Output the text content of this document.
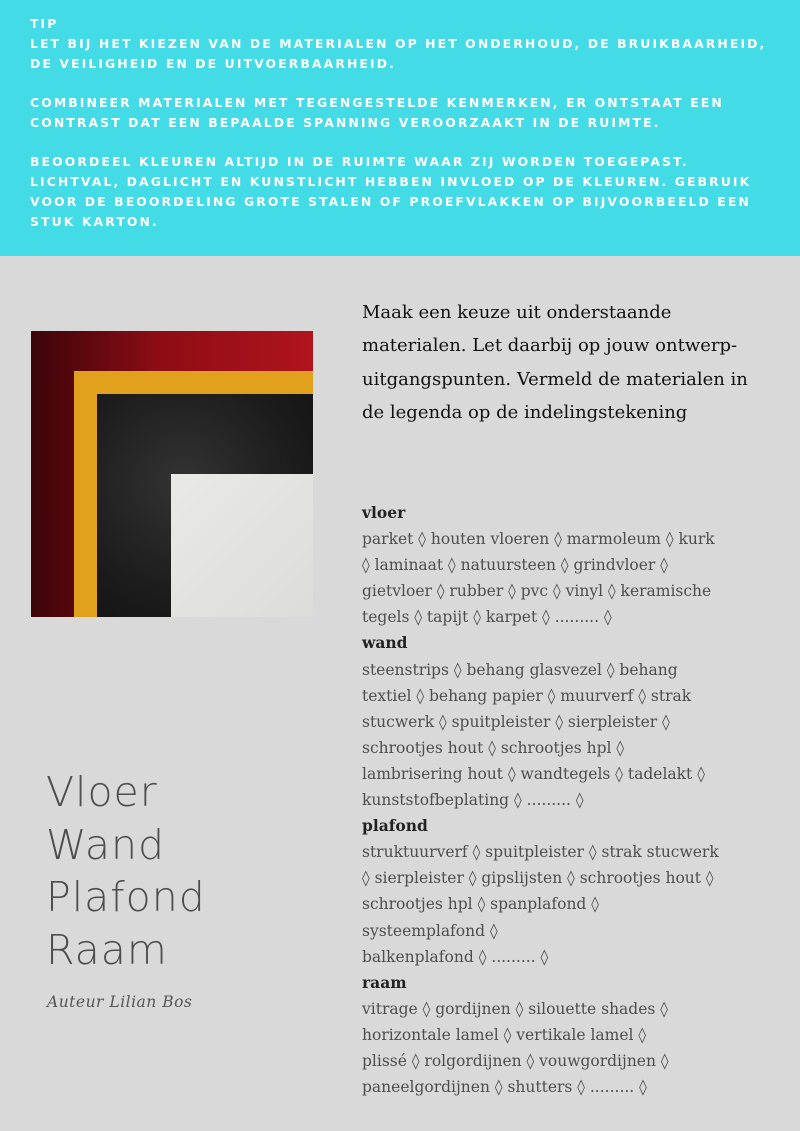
TIP

LET BIJ HET KIEZEN VAN DE MATERIALEN OP HET ONDERHOUD, DE BRUIKBAARHEID, DE VEILIGHEID EN DE UITVOERBAARHEID.

COMBINEER MATERIALEN MET TEGENGESTELDE KENMERKEN, ER ONTSTAAT EEN CONTRAST DAT EEN BEPAALDE SPANNING VEROORZAAKT IN DE RUIMTE.

BEOORDEEL KLEUREN ALTIJD IN DE RUIMTE WAAR ZIJ WORDEN TOEGEPAST. LICHTVAL, DAGLICHT EN KUNSTLICHT HEBBEN INVLOED OP DE KLEUREN. GEBRUIK VOOR DE BEOORDELING GROTE STALEN OF PROEFVLAKKEN OP BIJVOORBEELD EEN STUK KARTON.

Vloer
Wand
Plafond
Raam
Auteur Lilian Bos
Maak een keuze uit onderstaande materialen. Let daarbij op jouw ontwerp-uitgangspunten. Vermeld de materialen in de legenda op de indelingstekening
vloer
parket ◊ houten vloeren ◊ marmoleum ◊ kurk
◊ laminaat ◊ natuursteen ◊ grindvloer ◊
gietvloer ◊ rubber ◊ pvc ◊ vinyl ◊ keramische
tegels ◊ tapijt ◊ karpet ◊ ......... ◊
wand
steenstrips ◊ behang glasvezel ◊ behang
textiel ◊ behang papier ◊ muurverf ◊ strak
stucwerk ◊ spuitpleister ◊ sierpleister ◊
schrootjes hout ◊ schrootjes hpl ◊
lambrisering hout ◊ wandtegels ◊ tadelakt ◊
kunststofbeplating ◊ ......... ◊
plafond
struktuurverf ◊ spuitpleister ◊ strak stucwerk
◊ sierpleister ◊ gipslijsten ◊ schrootjes hout ◊
schrootjes hpl ◊ spanplafond ◊
systeemplafond ◊
balkenplafond ◊ ......... ◊
raam
vitrage ◊ gordijnen ◊ silouette shades ◊
horizontale lamel ◊ vertikale lamel ◊
plissé ◊ rolgordijnen ◊ vouwgordijnen ◊
paneelgordijnen ◊ shutters ◊ ......... ◊
